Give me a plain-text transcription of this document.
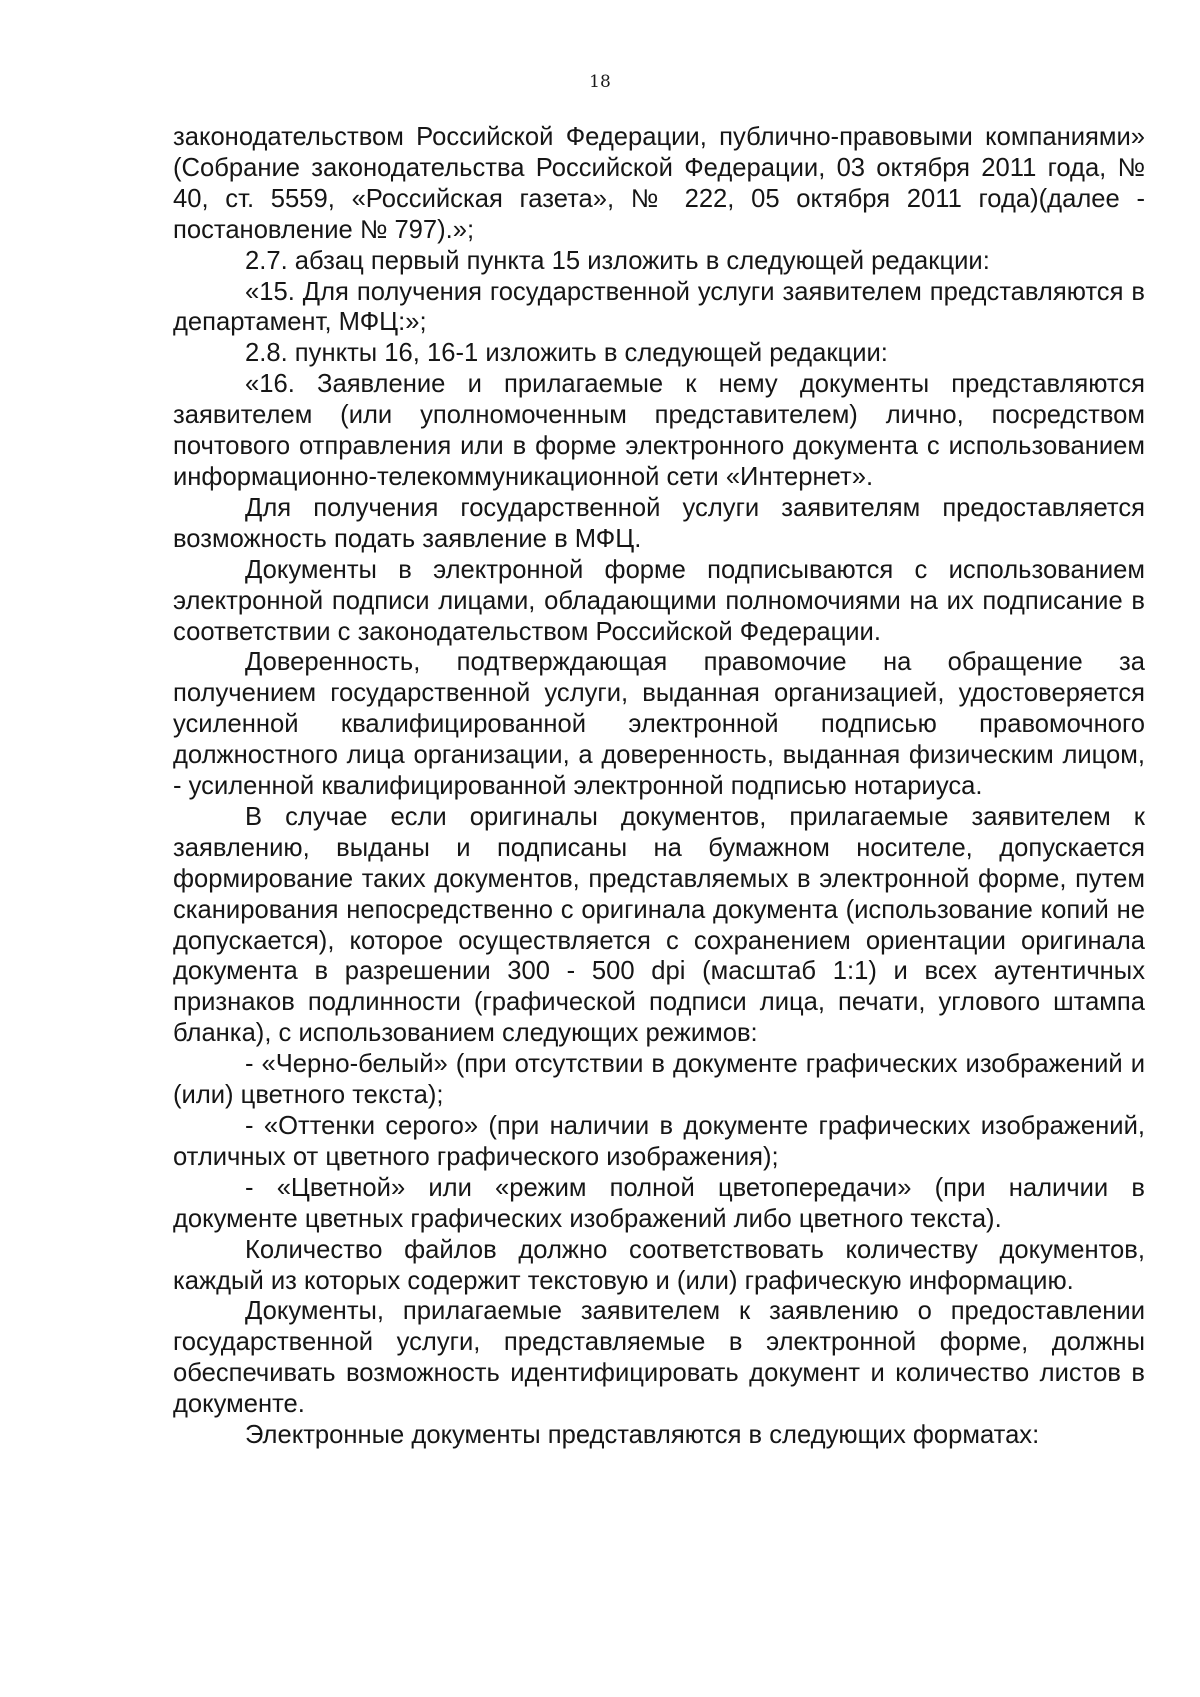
18

законодательством Российской Федерации, публично-правовыми компаниями» (Собрание законодательства Российской Федерации, 03 октября 2011 года, № 40, ст. 5559, «Российская газета», № 222, 05 октября 2011 года)(далее - постановление № 797).»;

2.7. абзац первый пункта 15 изложить в следующей редакции:

«15. Для получения государственной услуги заявителем представляются в департамент, МФЦ:»;

2.8. пункты 16, 16-1 изложить в следующей редакции:

«16. Заявление и прилагаемые к нему документы представляются заявителем (или уполномоченным представителем) лично, посредством почтового отправления или в форме электронного документа с использованием информационно-телекоммуникационной сети «Интернет».

Для получения государственной услуги заявителям предоставляется возможность подать заявление в МФЦ.

Документы в электронной форме подписываются с использованием электронной подписи лицами, обладающими полномочиями на их подписание в соответствии с законодательством Российской Федерации.

Доверенность, подтверждающая правомочие на обращение за получением государственной услуги, выданная организацией, удостоверяется усиленной квалифицированной электронной подписью правомочного должностного лица организации, а доверенность, выданная физическим лицом, - усиленной квалифицированной электронной подписью нотариуса.

В случае если оригиналы документов, прилагаемые заявителем к заявлению, выданы и подписаны на бумажном носителе, допускается формирование таких документов, представляемых в электронной форме, путем сканирования непосредственно с оригинала документа (использование копий не допускается), которое осуществляется с сохранением ориентации оригинала документа в разрешении 300 - 500 dpi (масштаб 1:1) и всех аутентичных признаков подлинности (графической подписи лица, печати, углового штампа бланка), с использованием следующих режимов:

- «Черно-белый» (при отсутствии в документе графических изображений и (или) цветного текста);

- «Оттенки серого» (при наличии в документе графических изображений, отличных от цветного графического изображения);

- «Цветной» или «режим полной цветопередачи» (при наличии в документе цветных графических изображений либо цветного текста).

Количество файлов должно соответствовать количеству документов, каждый из которых содержит текстовую и (или) графическую информацию.

Документы, прилагаемые заявителем к заявлению о предоставлении государственной услуги, представляемые в электронной форме, должны обеспечивать возможность идентифицировать документ и количество листов в документе.

Электронные документы представляются в следующих форматах:
